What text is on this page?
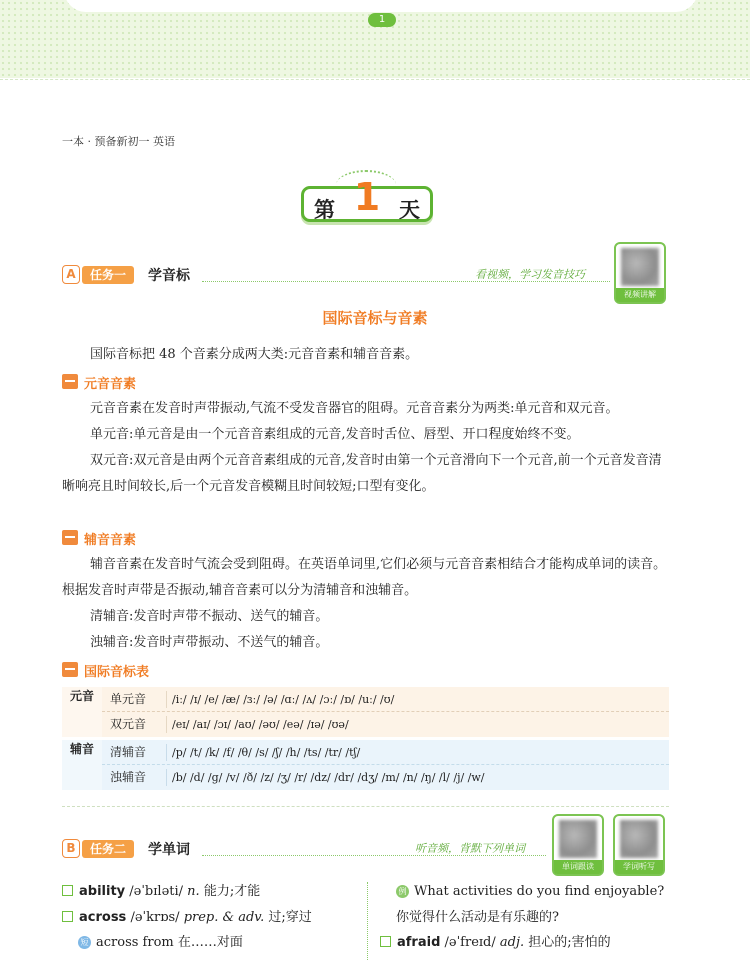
1
一本 · 预备新初一 英语
第 1 天
A	任务一	学音标	看视频，学习发音技巧
视频讲解
国际音标与音素

国际音标把 48 个音素分成两大类:元音音素和辅音音素。

元音音素

元音音素在发音时声带振动,气流不受发音器官的阻碍。元音音素分为两类:单元音和双元音。

单元音:单元音是由一个元音音素组成的元音,发音时舌位、唇型、开口程度始终不变。

双元音:双元音是由两个元音音素组成的元音,发音时由第一个元音滑向下一个元音,前一个元音发音清晰响亮且时间较长,后一个元音发音模糊且时间较短;口型有变化。

辅音音素

辅音音素在发音时气流会受到阻碍。在英语单词里,它们必须与元音音素相结合才能构成单词的读音。根据发音时声带是否振动,辅音音素可以分为清辅音和浊辅音。

清辅音:发音时声带不振动、送气的辅音。

浊辅音:发音时声带振动、不送气的辅音。

国际音标表
元音	单元音	/iː/ /ɪ/ /e/ /æ/ /ɜː/ /ə/ /ɑː/ /ʌ/ /ɔː/ /ɒ/ /uː/ /ʊ/
双元音	/eɪ/ /aɪ/ /ɔɪ/ /aʊ/ /əʊ/ /eə/ /ɪə/ /ʊə/
辅音	清辅音	/p/ /t/ /k/ /f/ /θ/ /s/ /ʃ/ /h/ /ts/ /tr/ /tʃ/
浊辅音	/b/ /d/ /g/ /v/ /ð/ /z/ /ʒ/ /r/ /dz/ /dr/ /dʒ/ /m/ /n/ /ŋ/ /l/ /j/ /w/
B	任务二	学单词	听音频，背默下列单词
单词跟读	学词听写
ability /əˈbɪləti/ n. 能力;才能
across /əˈkrɒs/ prep. & adv. 过;穿过
短 across from 在……对面
例 What activities do you find enjoyable?
你觉得什么活动是有乐趣的?
afraid /əˈfreɪd/ adj. 担心的;害怕的
